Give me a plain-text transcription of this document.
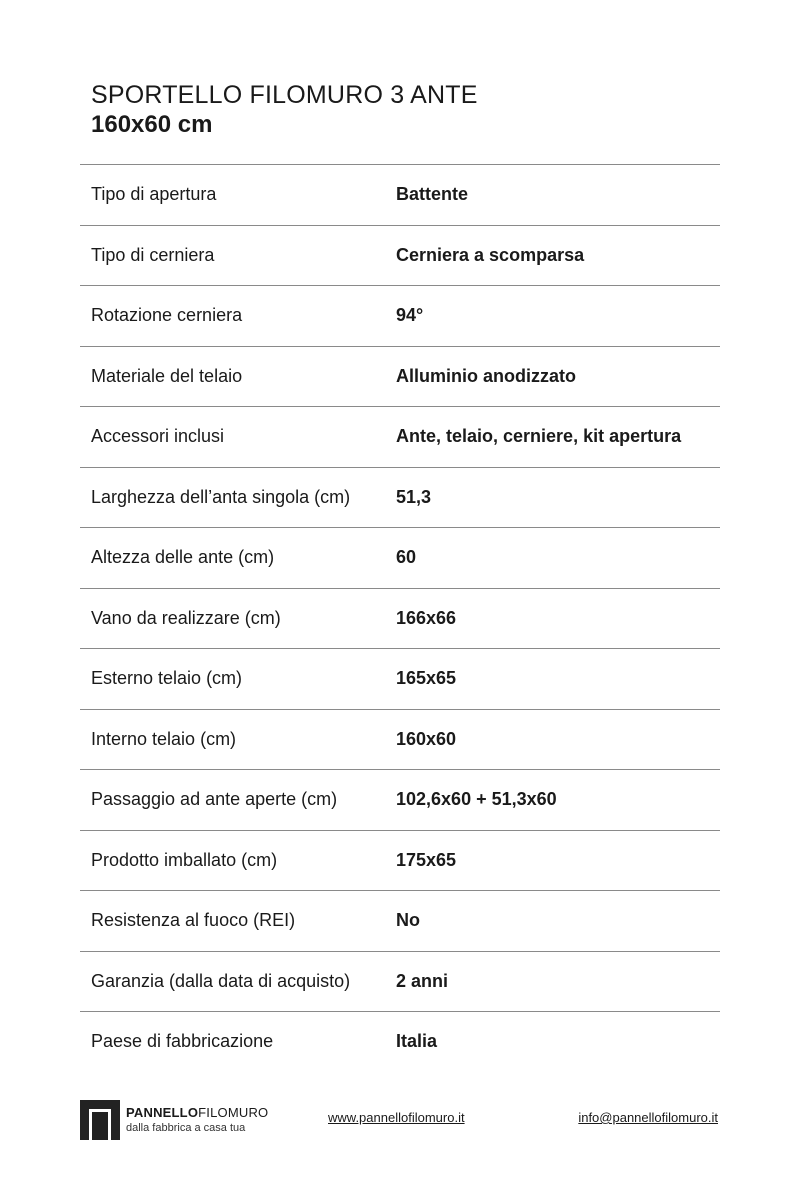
SPORTELLO FILOMURO 3 ANTE
160x60 cm
Tipo di apertura	Battente
Tipo di cerniera	Cerniera a scomparsa
Rotazione cerniera	94°
Materiale del telaio	Alluminio anodizzato
Accessori inclusi	Ante, telaio, cerniere, kit apertura
Larghezza dell’anta singola (cm)	51,3
Altezza delle ante (cm)	60
Vano da realizzare (cm)	166x66
Esterno telaio (cm)	165x65
Interno telaio (cm)	160x60
Passaggio ad ante aperte (cm)	102,6x60 + 51,3x60
Prodotto imballato (cm)	175x65
Resistenza al fuoco (REI)	No
Garanzia (dalla data di acquisto)	2 anni
Paese di fabbricazione	Italia
PANNELLOFILOMURO
dalla fabbrica a casa tua
www.pannellofilomuro.it	info@pannellofilomuro.it
